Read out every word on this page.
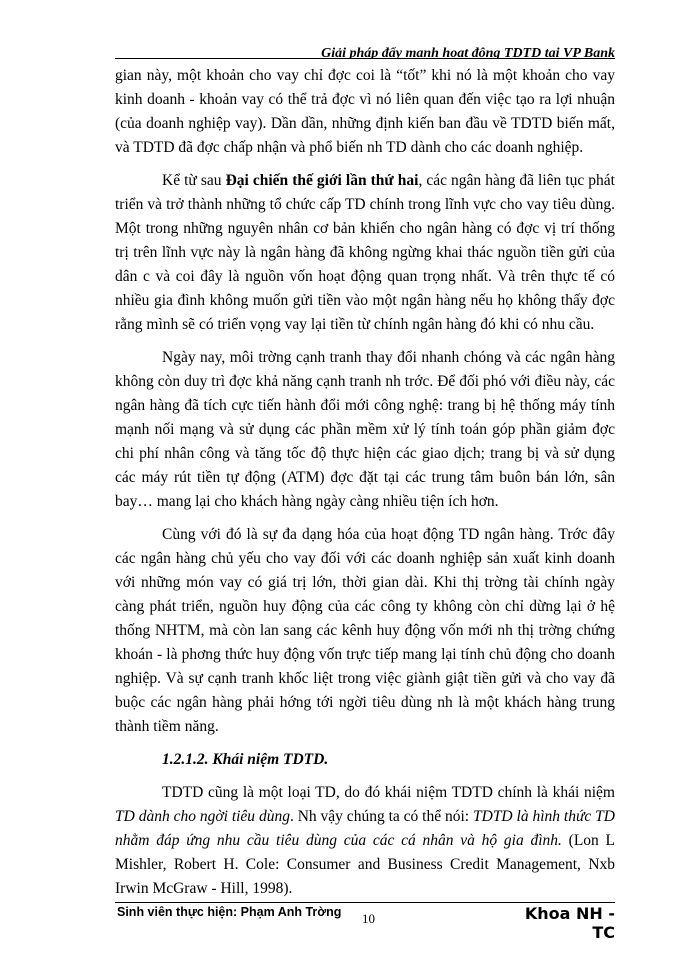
Giải pháp đẩy mạnh hoạt động TDTD tại VP Bank

gian này, một khoản cho vay chỉ đợc coi là “tốt” khi nó là một khoản cho vay kinh doanh - khoản vay có thể trả đợc vì nó liên quan đến việc tạo ra lợi nhuận (của doanh nghiệp vay). Dần dần, những định kiến ban đầu về TDTD biến mất, và TDTD đã đợc chấp nhận và phổ biến nh TD dành cho các doanh nghiệp.

Kể từ sau Đại chiến thế giới lần thứ hai, các ngân hàng đã liên tục phát triển và trở thành những tổ chức cấp TD chính trong lĩnh vực cho vay tiêu dùng. Một trong những nguyên nhân cơ bản khiến cho ngân hàng có đợc vị trí thống trị trên lĩnh vực này là ngân hàng đã không ngừng khai thác nguồn tiền gửi của dân c và coi đây là nguồn vốn hoạt động quan trọng nhất. Và trên thực tế có nhiều gia đình không muốn gửi tiền vào một ngân hàng nếu họ không thấy đợc rằng mình sẽ có triển vọng vay lại tiền từ chính ngân hàng đó khi có nhu cầu.

Ngày nay, môi trờng cạnh tranh thay đổi nhanh chóng và các ngân hàng không còn duy trì đợc khả năng cạnh tranh nh trớc. Để đối phó với điều này, các ngân hàng đã tích cực tiến hành đổi mới công nghệ: trang bị hệ thống máy tính mạnh nối mạng và sử dụng các phần mềm xử lý tính toán góp phần giảm đợc chi phí nhân công và tăng tốc độ thực hiện các giao dịch; trang bị và sử dụng các máy rút tiền tự động (ATM) đợc đặt tại các trung tâm buôn bán lớn, sân bay… mang lại cho khách hàng ngày càng nhiều tiện ích hơn.

Cùng với đó là sự đa dạng hóa của hoạt động TD ngân hàng. Trớc đây các ngân hàng chủ yếu cho vay đối với các doanh nghiệp sản xuất kinh doanh với những món vay có giá trị lớn, thời gian dài. Khi thị trờng tài chính ngày càng phát triển, nguồn huy động của các công ty không còn chỉ dừng lại ở hệ thống NHTM, mà còn lan sang các kênh huy động vốn mới nh thị trờng chứng khoán - là phơng thức huy động vốn trực tiếp mang lại tính chủ động cho doanh nghiệp. Và sự cạnh tranh khốc liệt trong việc giành giật tiền gửi và cho vay đã buộc các ngân hàng phải hớng tới ngời tiêu dùng nh là một khách hàng trung thành tiềm năng.

1.2.1.2. Khái niệm TDTD.

TDTD cũng là một loại TD, do đó khái niệm TDTD chính là khái niệm TD dành cho ngời tiêu dùng. Nh vậy chúng ta có thể nói: TDTD là hình thức TD nhằm đáp ứng nhu cầu tiêu dùng của các cá nhân và hộ gia đình. (Lon L Mishler, Robert H. Cole: Consumer and Business Credit Management, Nxb Irwin McGraw - Hill, 1998).

Sinh viên thực hiện: Phạm Anh Trờng 10	Khoa NH - TC
